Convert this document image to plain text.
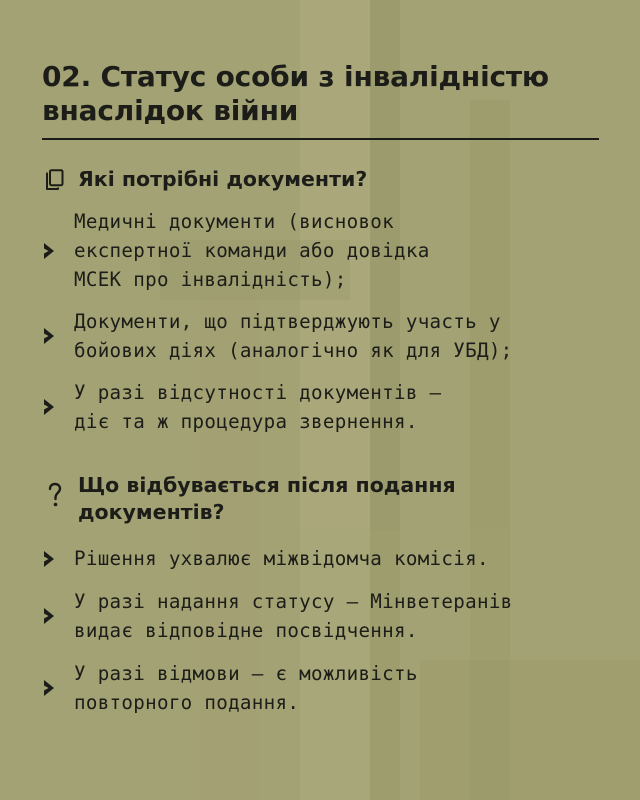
02. Статус особи з інвалідністю внаслідок війни
Які потрібні документи?

Медичні документи (висновок
експертної команди або довідка
МСЕК про інвалідність);

Документи, що підтверджують участь у
бойових діях (аналогічно як для УБД);

У разі відсутності документів –
діє та ж процедура звернення.

Що відбувається після подання документів?

Рішення ухвалює міжвідомча комісія.

У разі надання статусу – Мінветеранів
видає відповідне посвідчення.

У разі відмови – є можливість
повторного подання.
